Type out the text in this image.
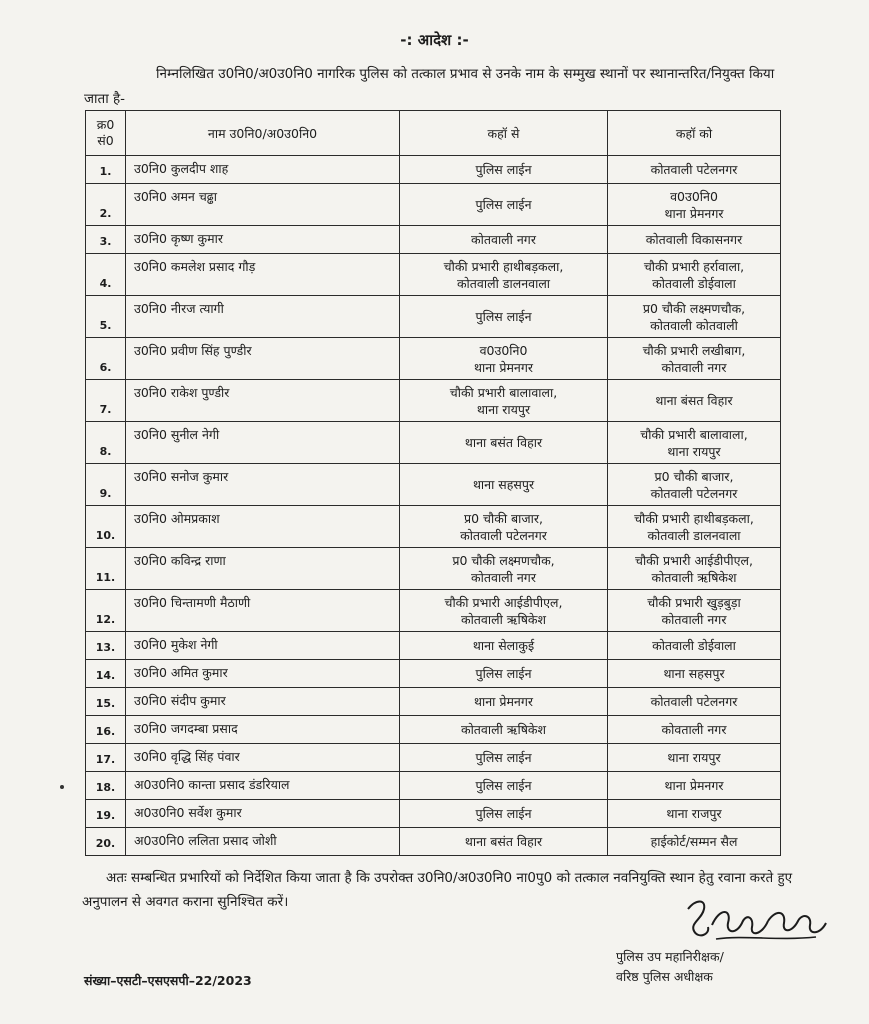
-: आदेश :-
निम्नलिखित उ0नि0/अ0उ0नि0 नागरिक पुलिस को तत्काल प्रभाव से उनके नाम के सम्मुख स्थानों पर स्थानान्तरित/नियुक्त किया जाता है-
क्र0
सं0	नाम उ0नि0/अ0उ0नि0	कहॉ से	कहॉ को
1.	उ0नि0 कुलदीप शाह	पुलिस लाईन	कोतवाली पटेलनगर

2.	उ0नि0 अमन चढ्ढा	पुलिस लाईन	व0उ0नि0
थाना प्रेमनगर

3.	उ0नि0 कृष्ण कुमार	कोतवाली नगर	कोतवाली विकासनगर

4.	उ0नि0 कमलेश प्रसाद गौड़	चौकी प्रभारी हाथीबड़कला,
कोतवाली डालनवाला	चौकी प्रभारी हर्रावाला,
कोतवाली डोईवाला

5.	उ0नि0 नीरज त्यागी	पुलिस लाईन	प्र0 चौकी लक्ष्मणचौक,
कोतवाली कोतवाली

6.	उ0नि0 प्रवीण सिंह पुण्डीर	व0उ0नि0
थाना प्रेमनगर	चौकी प्रभारी लखीबाग,
कोतवाली नगर

7.	उ0नि0 राकेश पुण्डीर	चौकी प्रभारी बालावाला,
थाना रायपुर	थाना बंसत विहार

8.	उ0नि0 सुनील नेगी	थाना बसंत विहार	चौकी प्रभारी बालावाला,
थाना रायपुर

9.	उ0नि0 सनोज कुमार	थाना सहसपुर	प्र0 चौकी बाजार,
कोतवाली पटेलनगर

10.	उ0नि0 ओमप्रकाश	प्र0 चौकी बाजार,
कोतवाली पटेलनगर	चौकी प्रभारी हाथीबड़कला,
कोतवाली डालनवाला

11.	उ0नि0 कविन्द्र राणा	प्र0 चौकी लक्ष्मणचौक,
कोतवाली नगर	चौकी प्रभारी आईडीपीएल,
कोतवाली ऋषिकेश

12.	उ0नि0 चिन्तामणी मैठाणी	चौकी प्रभारी आईडीपीएल,
कोतवाली ऋषिकेश	चौकी प्रभारी खुड़बुड़ा
कोतवाली नगर

13.	उ0नि0 मुकेश नेगी	थाना सेलाकुई	कोतवाली डोईवाला

14.	उ0नि0 अमित कुमार	पुलिस लाईन	थाना सहसपुर

15.	उ0नि0 संदीप कुमार	थाना प्रेमनगर	कोतवाली पटेलनगर

16.	उ0नि0 जगदम्बा प्रसाद	कोतवाली ऋषिकेश	कोवताली नगर

17.	उ0नि0 वृद्धि सिंह पंवार	पुलिस लाईन	थाना रायपुर

18.	अ0उ0नि0 कान्ता प्रसाद डंडरियाल	पुलिस लाईन	थाना प्रेमनगर

19.	अ0उ0नि0 सर्वेश कुमार	पुलिस लाईन	थाना राजपुर

20.	अ0उ0नि0 ललिता प्रसाद जोशी	थाना बसंत विहार	हाईकोर्ट/सम्मन सैल
अतः सम्बन्धित प्रभारियों को निर्देशित किया जाता है कि उपरोक्त उ0नि0/अ0उ0नि0 ना0पु0 को तत्काल नवनियुक्ति स्थान हेतु रवाना करते हुए अनुपालन से अवगत कराना सुनिश्चित करें।
पुलिस उप महानिरीक्षक/
वरिष्ठ पुलिस अधीक्षक
संख्या–एसटी–एसएसपी–22/2023
